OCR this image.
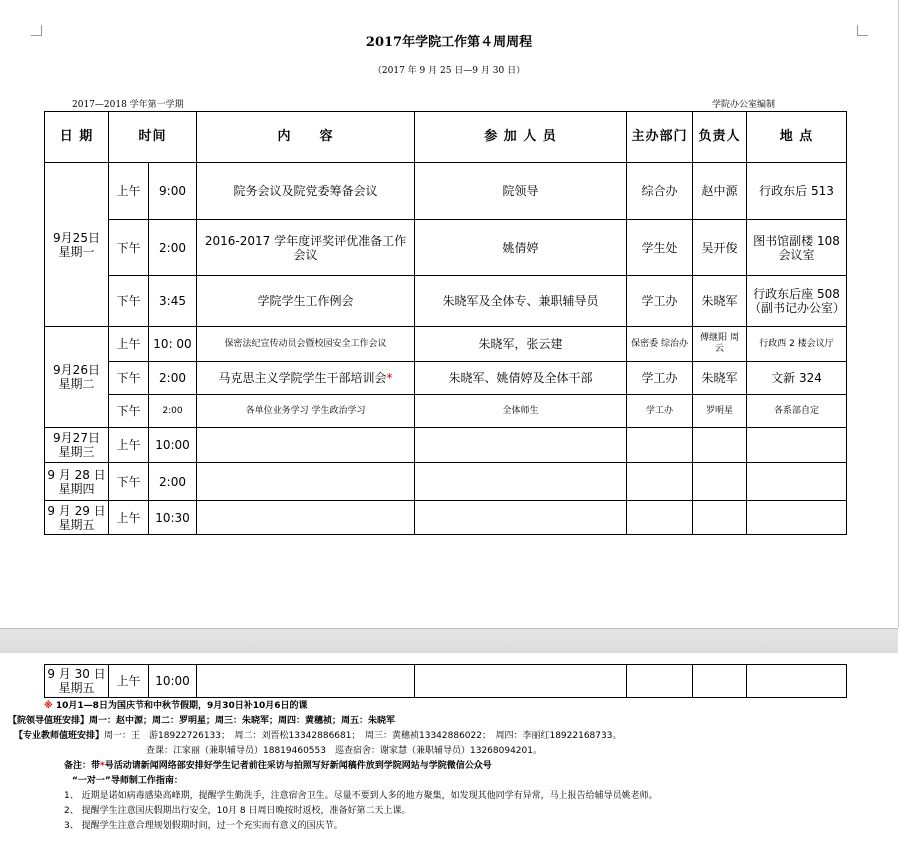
2017年学院工作第４周周程
（2017 年 9 月 25 日—9 月 30 日）
2017—2018 学年第一学期	学院办公室编制
日 期	时间		内　　容	参 加 人 员	主办部门	负责人	地 点
9月25日
星期一	上午	9:00	院务会议及院党委筹备会议	院领导	综合办	赵中源	行政东后 513
	下午	2:00	2016-2017 学年度评奖评优准备工作会议	姚倩婷	学生处	吴开俊	图书馆副楼 108 会议室
	下午	3:45	学院学生工作例会	朱晓军及全体专、兼职辅导员	学工办	朱晓军	行政东后座 508（副书记办公室）
9月26日
星期二	上午	10: 00	保密法纪宣传动员会暨校园安全工作会议	朱晓军，张云建	保密委 综治办	傅继阳 周　云	行政西 2 楼会议厅
	下午	2:00	马克思主义学院学生干部培训会*	朱晓军、姚倩婷及全体干部	学工办	朱晓军	文新 324
	下午	2:00	各单位业务学习 学生政治学习	全体师生	学工办	罗明星	各系部自定
9月27日
星期三	上午	10:00					
9 月 28 日
星期四	下午	2:00					
9 月 29 日
星期五	上午	10:30					
9 月 30 日
星期五	上午	10:00					
※ 10月1—8日为国庆节和中秋节假期，9月30日补10月6日的课
【院领导值班安排】周一：赵中源；周二：罗明星；周三：朱晓军；周四：黄穗祯；周五：朱晓军
【专业教师值班安排】周一：王　游18922726133；　周二：刘晋松13342886681；　周三：黄穗祯13342886022；　周四：李丽红18922168733。
查课：江家丽（兼职辅导员）18819460553　巡查宿舍：谢家慧（兼职辅导员）13268094201。
备注：带*号活动请新闻网络部安排好学生记者前往采访与拍照写好新闻稿件放到学院网站与学院微信公众号
“一对一”导师制工作指南：
1、 近期是诺如病毒感染高峰期，提醒学生勤洗手，注意宿舍卫生。尽量不要到人多的地方聚集，如发现其他同学有异常，马上报告给辅导员姚老师。
2、 提醒学生注意国庆假期出行安全，10月 8 日周日晚按时返校，准备好第二天上课。
3、 提醒学生注意合理规划假期时间，过一个充实而有意义的国庆节。
